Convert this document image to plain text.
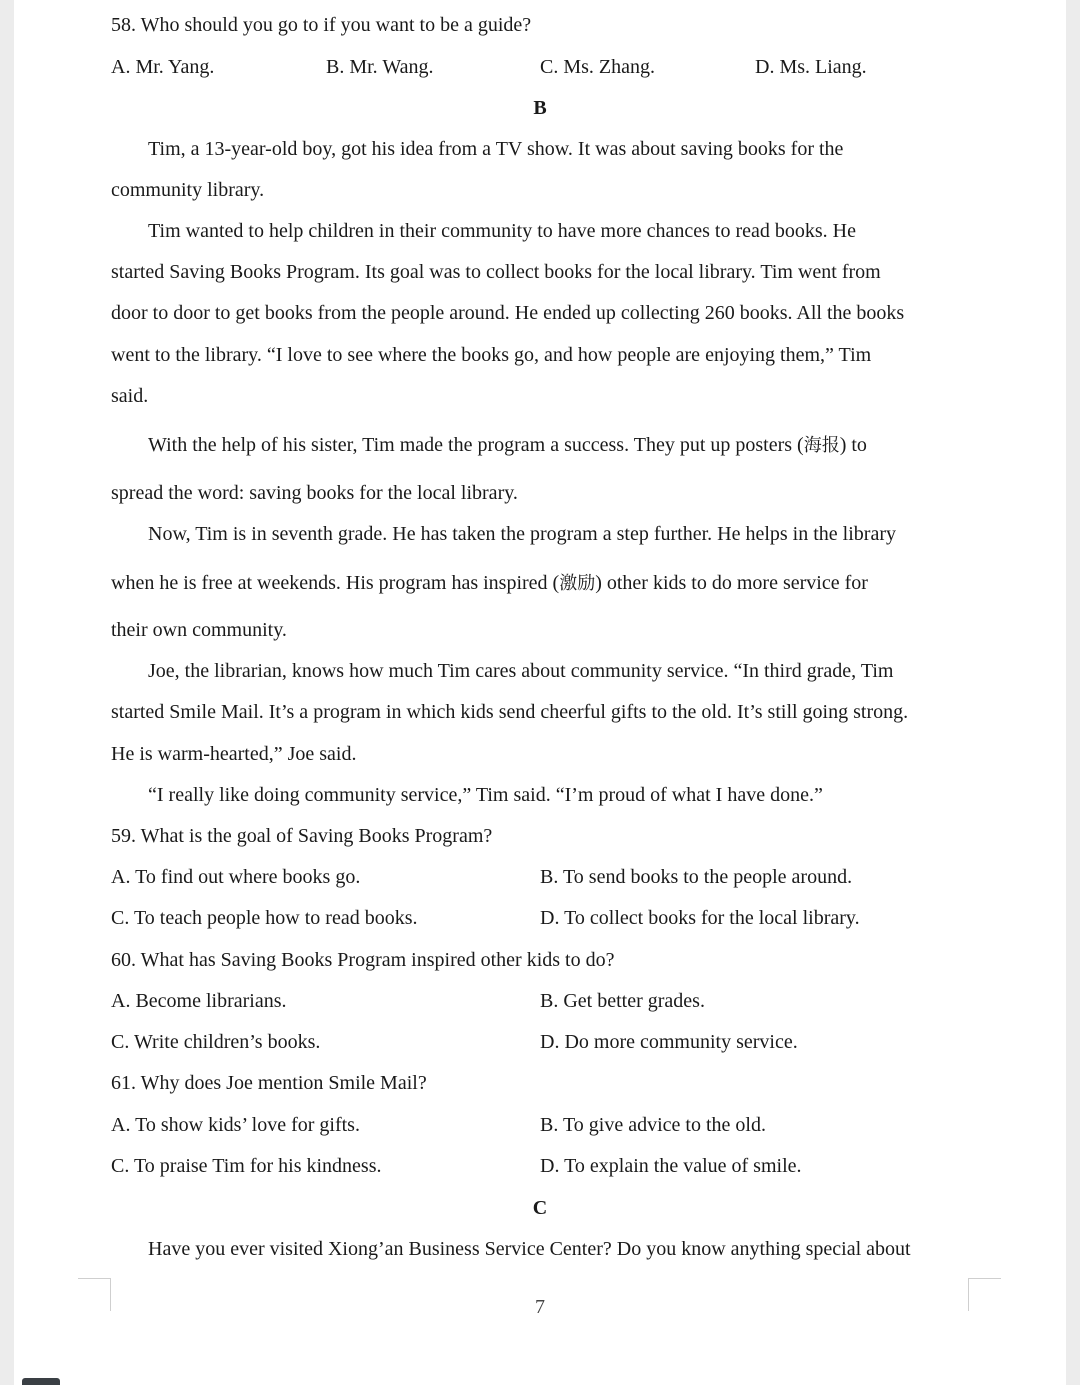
58. Who should you go to if you want to be a guide?
A. Mr. Yang.	B. Mr. Wang.	C. Ms. Zhang.	D. Ms. Liang.
B
Tim, a 13-year-old boy, got his idea from a TV show. It was about saving books for the
community library.
Tim wanted to help children in their community to have more chances to read books. He
started Saving Books Program. Its goal was to collect books for the local library. Tim went from
door to door to get books from the people around. He ended up collecting 260 books. All the books
went to the library. “I love to see where the books go, and how people are enjoying them,” Tim
said.
With the help of his sister, Tim made the program a success. They put up posters (海报) to
spread the word: saving books for the local library.
Now, Tim is in seventh grade. He has taken the program a step further. He helps in the library
when he is free at weekends. His program has inspired (激励) other kids to do more service for
their own community.
Joe, the librarian, knows how much Tim cares about community service. “In third grade, Tim
started Smile Mail. It’s a program in which kids send cheerful gifts to the old. It’s still going strong.
He is warm-hearted,” Joe said.
“I really like doing community service,” Tim said. “I’m proud of what I have done.”
59. What is the goal of Saving Books Program?
A. To find out where books go.	B. To send books to the people around.
C. To teach people how to read books.	D. To collect books for the local library.
60. What has Saving Books Program inspired other kids to do?
A. Become librarians.	B. Get better grades.
C. Write children’s books.	D. Do more community service.
61. Why does Joe mention Smile Mail?
A. To show kids’ love for gifts.	B. To give advice to the old.
C. To praise Tim for his kindness.	D. To explain the value of smile.
C
Have you ever visited Xiong’an Business Service Center? Do you know anything special about
7
